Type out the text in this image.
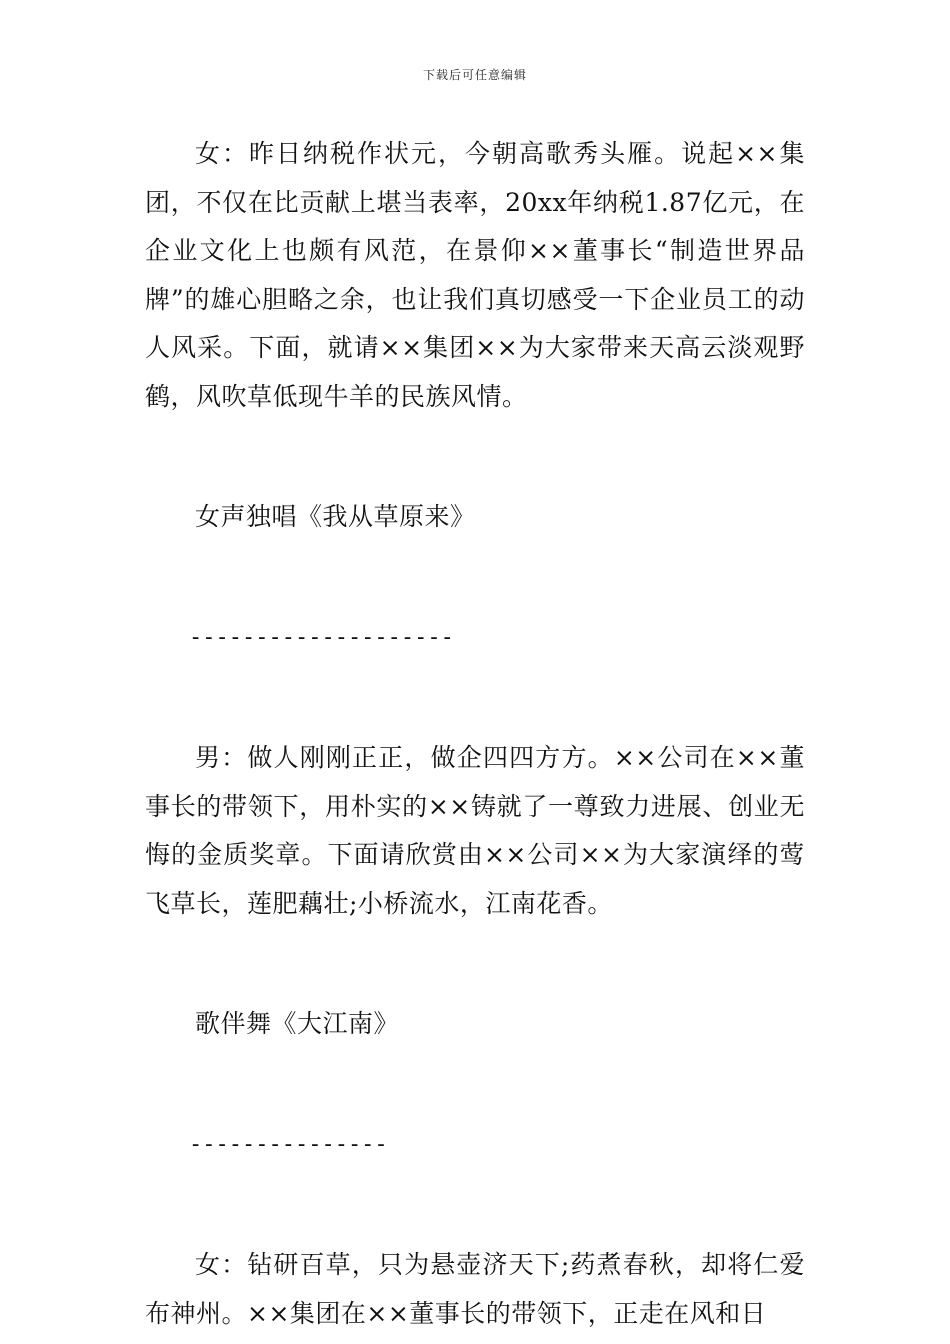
下载后可任意编辑

女：昨日纳税作状元，今朝高歌秀头雁。说起××集团，不仅在比贡献上堪当表率，20xx年纳税1.87亿元，在企业文化上也颇有风范，在景仰××董事长“制造世界品牌”的雄心胆略之余，也让我们真切感受一下企业员工的动人风采。下面，就请××集团××为大家带来天高云淡观野鹤，风吹草低现牛羊的民族风情。

女声独唱《我从草原来》

--------------------

男：做人刚刚正正，做企四四方方。××公司在××董事长的带领下，用朴实的××铸就了一尊致力进展、创业无悔的金质奖章。下面请欣赏由××公司××为大家演绎的莺飞草长，莲肥藕壮;小桥流水，江南花香。

歌伴舞《大江南》

---------------

女：钻研百草，只为悬壶济天下;药煮春秋，却将仁爱布神州。××集团在××董事长的带领下，正走在风和日
